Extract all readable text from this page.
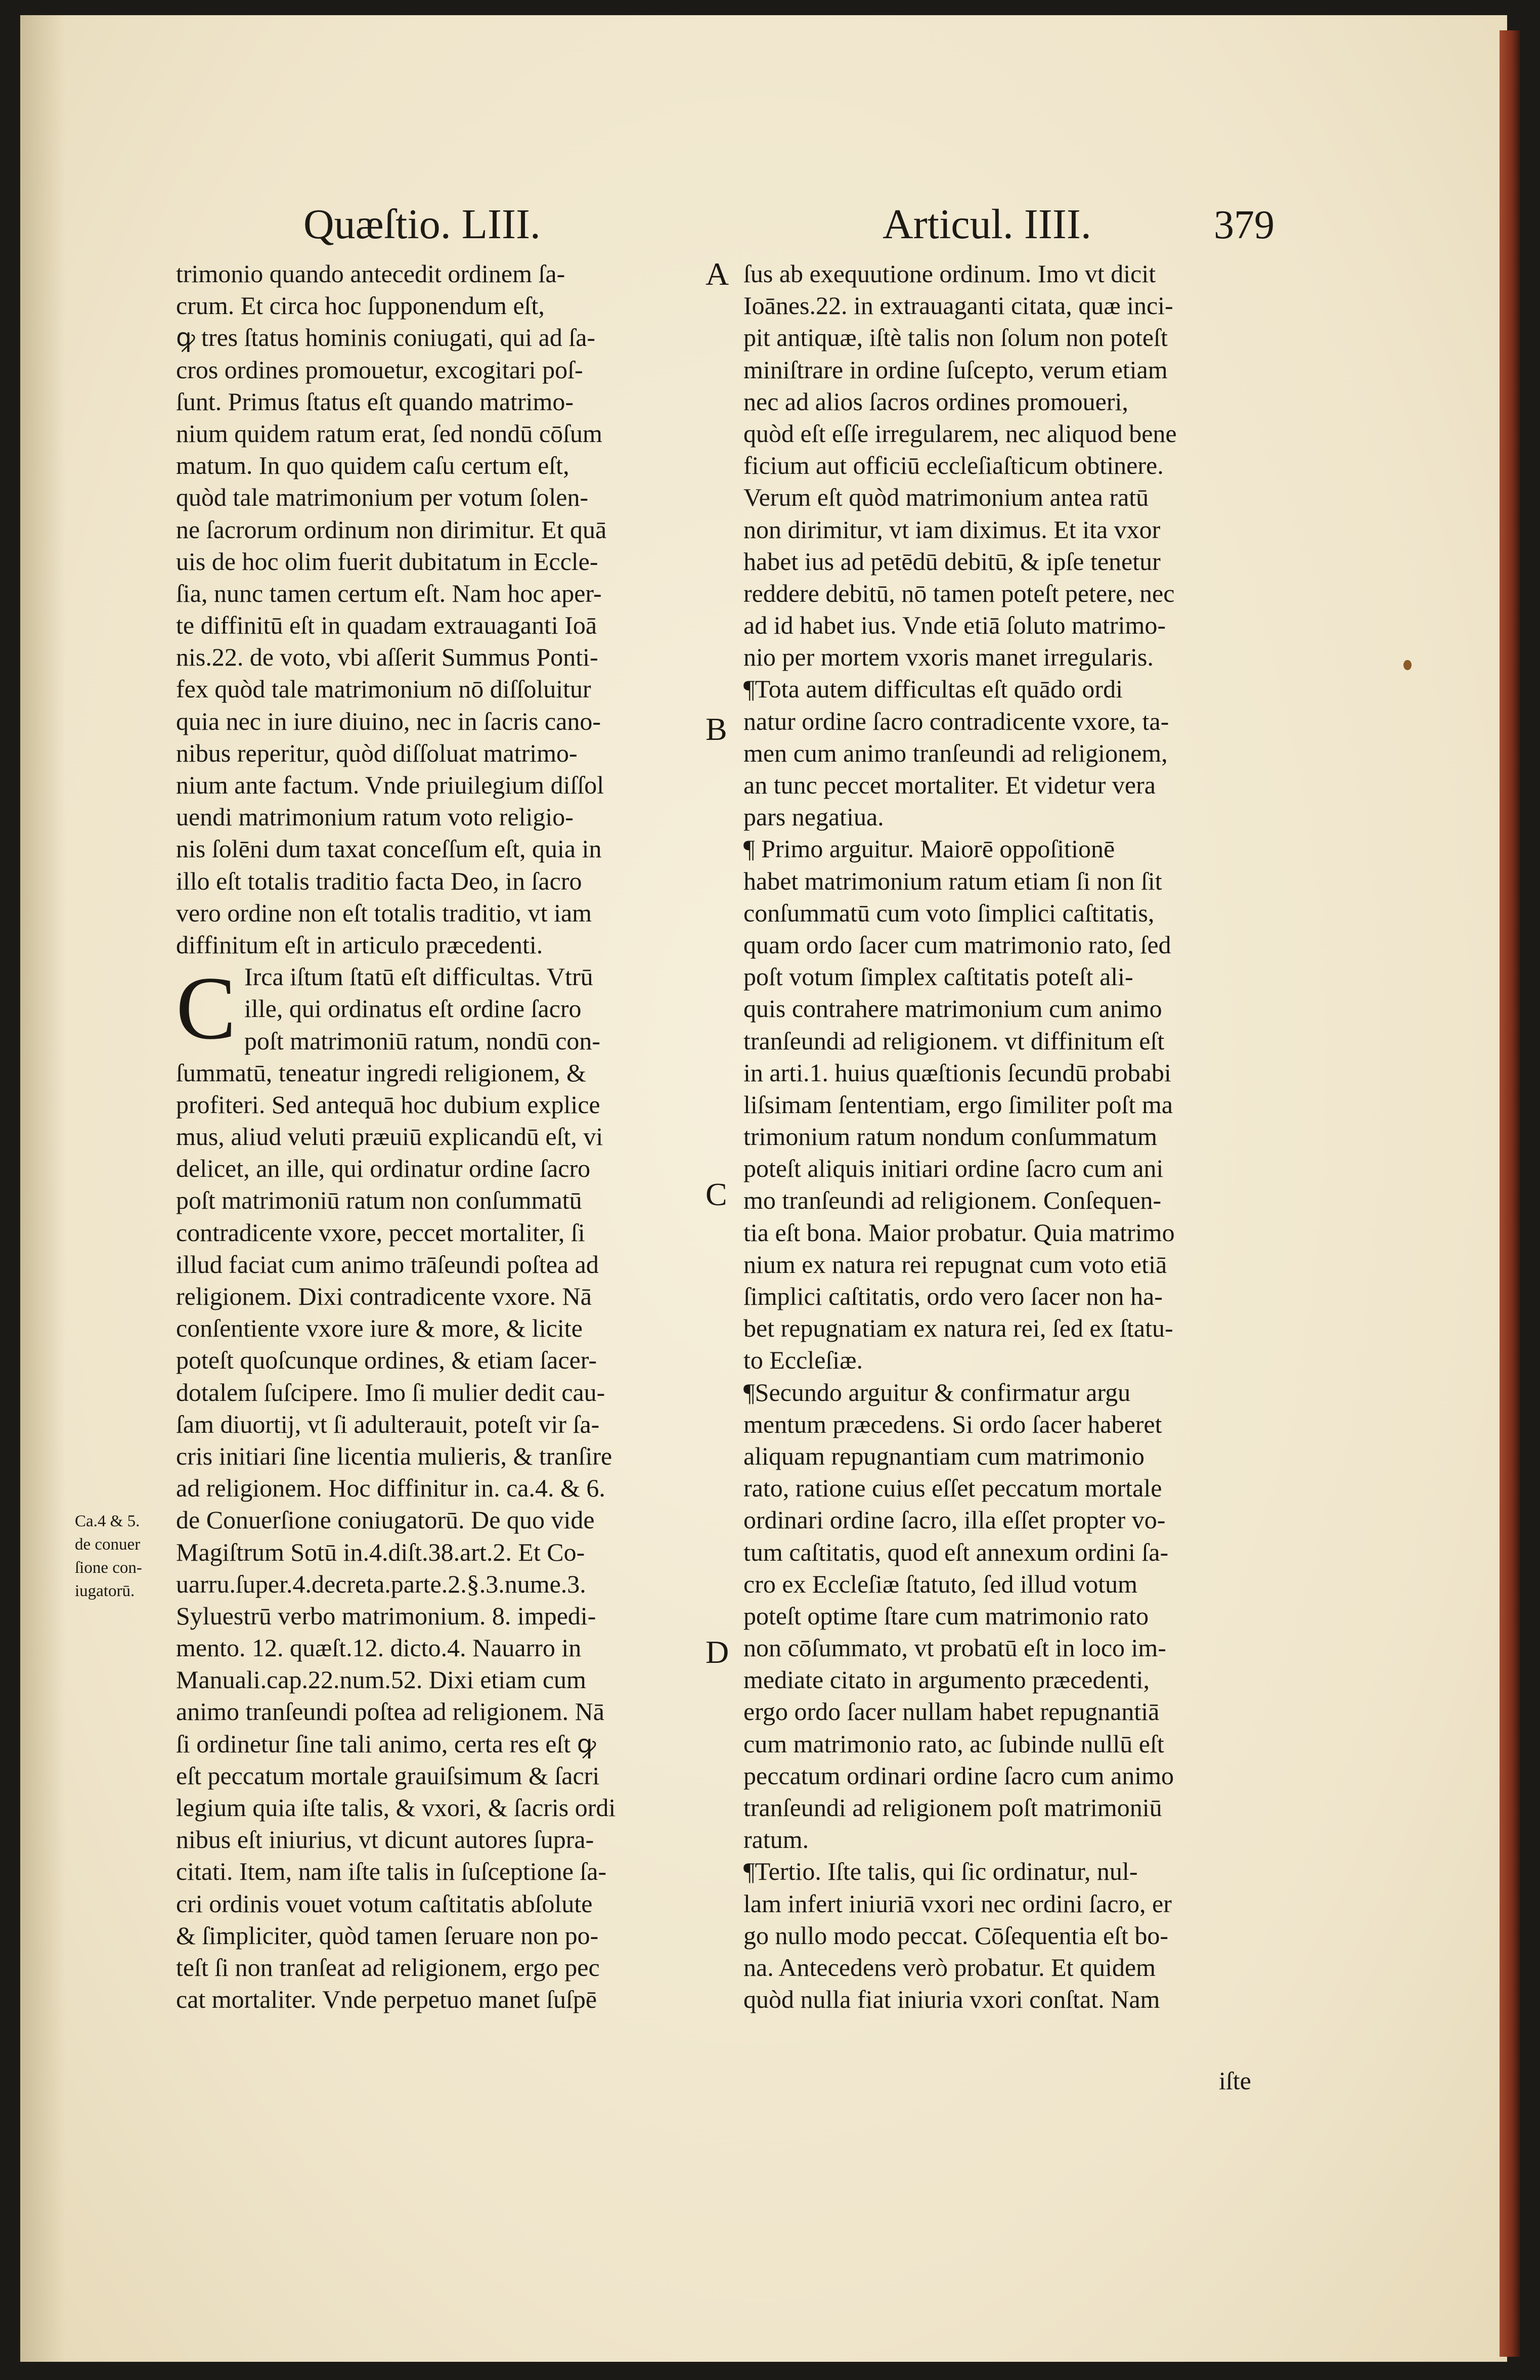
Quæſtio. LIII.	Articul. IIII.	379
A
B
C
D
Ca.4 & 5.
de conuer
ſione con-
iugatorū.
trimonio quando antecedit ordinem ſa-
crum. Et circa hoc ſupponendum eſt,
ꝙ tres ſtatus hominis coniugati, qui ad ſa-
cros ordines promouetur, excogitari poſ-
ſunt. Primus ſtatus eſt quando matrimo-
nium quidem ratum erat, ſed nondū cōſum
matum. In quo quidem caſu certum eſt,
quòd tale matrimonium per votum ſolen-
ne ſacrorum ordinum non dirimitur. Et quā
uis de hoc olim fuerit dubitatum in Eccle-
ſia, nunc tamen certum eſt. Nam hoc aper-
te diffinitū eſt in quadam extrauaganti Ioā
nis.22. de voto, vbi aſſerit Summus Ponti-
fex quòd tale matrimonium nō diſſoluitur
quia nec in iure diuino, nec in ſacris cano-
nibus reperitur, quòd diſſoluat matrimo-
nium ante factum. Vnde priuilegium diſſol
uendi matrimonium ratum voto religio-
nis ſolēni dum taxat conceſſum eſt, quia in
illo eſt totalis traditio facta Deo, in ſacro
vero ordine non eſt totalis traditio, vt iam
diffinitum eſt in articulo præcedenti.
C Irca iſtum ſtatū eſt difficultas. Vtrū
ille, qui ordinatus eſt ordine ſacro
poſt matrimoniū ratum, nondū con-
ſummatū, teneatur ingredi religionem, &
profiteri. Sed antequā hoc dubium explice
mus, aliud veluti præuiū explicandū eſt, vi
delicet, an ille, qui ordinatur ordine ſacro
poſt matrimoniū ratum non conſummatū
contradicente vxore, peccet mortaliter, ſi
illud faciat cum animo trāſeundi poſtea ad
religionem. Dixi contradicente vxore. Nā
conſentiente vxore iure & more, & licite
poteſt quoſcunque ordines, & etiam ſacer-
dotalem ſuſcipere. Imo ſi mulier dedit cau-
ſam diuortij, vt ſi adulterauit, poteſt vir ſa-
cris initiari ſine licentia mulieris, & tranſire
ad religionem. Hoc diffinitur in. ca.4. & 6.
de Conuerſione coniugatorū. De quo vide
Magiſtrum Sotū in.4.diſt.38.art.2. Et Co-
uarru.ſuper.4.decreta.parte.2.§.3.nume.3.
Syluestrū verbo matrimonium. 8. impedi-
mento. 12. quæſt.12. dicto.4. Nauarro in
Manuali.cap.22.num.52. Dixi etiam cum
animo tranſeundi poſtea ad religionem. Nā
ſi ordinetur ſine tali animo, certa res eſt ꝙ
eſt peccatum mortale grauiſsimum & ſacri
legium quia iſte talis, & vxori, & ſacris ordi
nibus eſt iniurius, vt dicunt autores ſupra-
citati. Item, nam iſte talis in ſuſceptione ſa-
cri ordinis vouet votum caſtitatis abſolute
& ſimpliciter, quòd tamen ſeruare non po-
teſt ſi non tranſeat ad religionem, ergo pec
cat mortaliter. Vnde perpetuo manet ſuſpē
ſus ab exequutione ordinum. Imo vt dicit
Ioānes.22. in extrauaganti citata, quæ inci-
pit antiquæ, iſtè talis non ſolum non poteſt
miniſtrare in ordine ſuſcepto, verum etiam
nec ad alios ſacros ordines promoueri,
quòd eſt eſſe irregularem, nec aliquod bene
ficium aut officiū eccleſiaſticum obtinere.
Verum eſt quòd matrimonium antea ratū
non dirimitur, vt iam diximus. Et ita vxor
habet ius ad petēdū debitū, & ipſe tenetur
reddere debitū, nō tamen poteſt petere, nec
ad id habet ius. Vnde etiā ſoluto matrimo-
nio per mortem vxoris manet irregularis.
¶Tota autem difficultas eſt quādo ordi
natur ordine ſacro contradicente vxore, ta-
men cum animo tranſeundi ad religionem,
an tunc peccet mortaliter. Et videtur vera
pars negatiua.
¶ Primo arguitur. Maiorē oppoſitionē
habet matrimonium ratum etiam ſi non ſit
conſummatū cum voto ſimplici caſtitatis,
quam ordo ſacer cum matrimonio rato, ſed
poſt votum ſimplex caſtitatis poteſt ali-
quis contrahere matrimonium cum animo
tranſeundi ad religionem. vt diffinitum eſt
in arti.1. huius quæſtionis ſecundū probabi
liſsimam ſententiam, ergo ſimiliter poſt ma
trimonium ratum nondum conſummatum
poteſt aliquis initiari ordine ſacro cum ani
mo tranſeundi ad religionem. Conſequen-
tia eſt bona. Maior probatur. Quia matrimo
nium ex natura rei repugnat cum voto etiā
ſimplici caſtitatis, ordo vero ſacer non ha-
bet repugnatiam ex natura rei, ſed ex ſtatu-
to Eccleſiæ.
¶Secundo arguitur & confirmatur argu
mentum præcedens. Si ordo ſacer haberet
aliquam repugnantiam cum matrimonio
rato, ratione cuius eſſet peccatum mortale
ordinari ordine ſacro, illa eſſet propter vo-
tum caſtitatis, quod eſt annexum ordini ſa-
cro ex Eccleſiæ ſtatuto, ſed illud votum
poteſt optime ſtare cum matrimonio rato
non cōſummato, vt probatū eſt in loco im-
mediate citato in argumento præcedenti,
ergo ordo ſacer nullam habet repugnantiā
cum matrimonio rato, ac ſubinde nullū eſt
peccatum ordinari ordine ſacro cum animo
tranſeundi ad religionem poſt matrimoniū
ratum.
¶Tertio. Iſte talis, qui ſic ordinatur, nul-
lam infert iniuriā vxori nec ordini ſacro, er
go nullo modo peccat. Cōſequentia eſt bo-
na. Antecedens verò probatur. Et quidem
quòd nulla fiat iniuria vxori conſtat. Nam
iſte
